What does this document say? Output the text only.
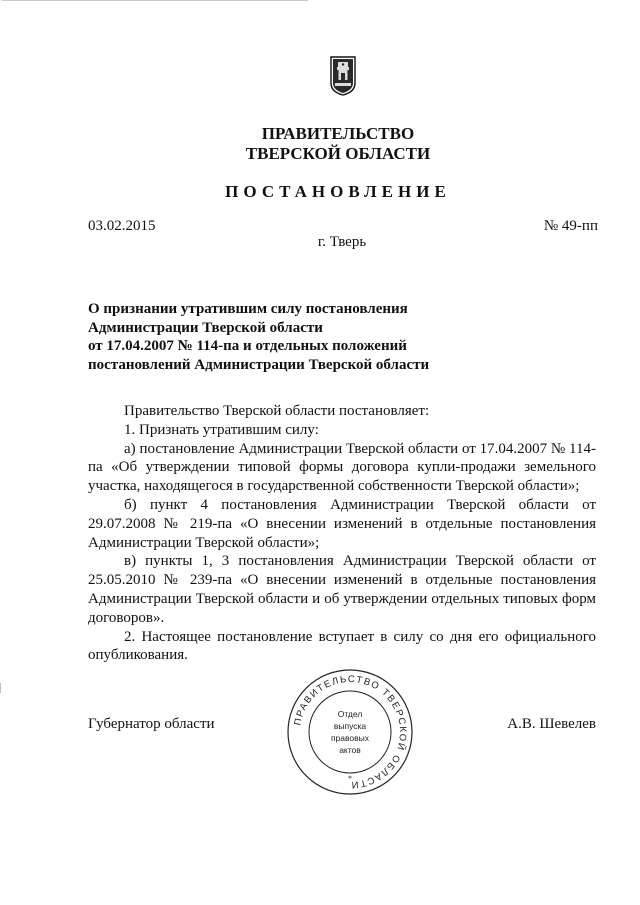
ПРАВИТЕЛЬСТВО
ТВЕРСКОЙ ОБЛАСТИ
ПОСТАНОВЛЕНИЕ
03.02.2015	№ 49-пп
г. Тверь
О признании утратившим силу постановления
Администрации Тверской области
от 17.04.2007 № 114-па и отдельных положений
постановлений Администрации Тверской области

Правительство Тверской области постановляет:

1. Признать утратившим силу:

а) постановление Администрации Тверской области от 17.04.2007 № 114-па «Об утверждении типовой формы договора купли-продажи земельного участка, находящегося в государственной собственности Тверской области»;

б) пункт 4 постановления Администрации Тверской области от 29.07.2008 № 219-па «О внесении изменений в отдельные постановления Администрации Тверской области»;

в) пункты 1, 3 постановления Администрации Тверской области от 25.05.2010 № 239-па «О внесении изменений в отдельные постановления Администрации Тверской области и об утверждении отдельных типовых форм договоров».

2. Настоящее постановление вступает в силу со дня его официального опубликования.

Губернатор области	А.В. Шевелев
ПРАВИТЕЛЬСТВО ТВЕРСКОЙ ОБЛАСТИ
Отдел
выпуска
правовых
актов
*
